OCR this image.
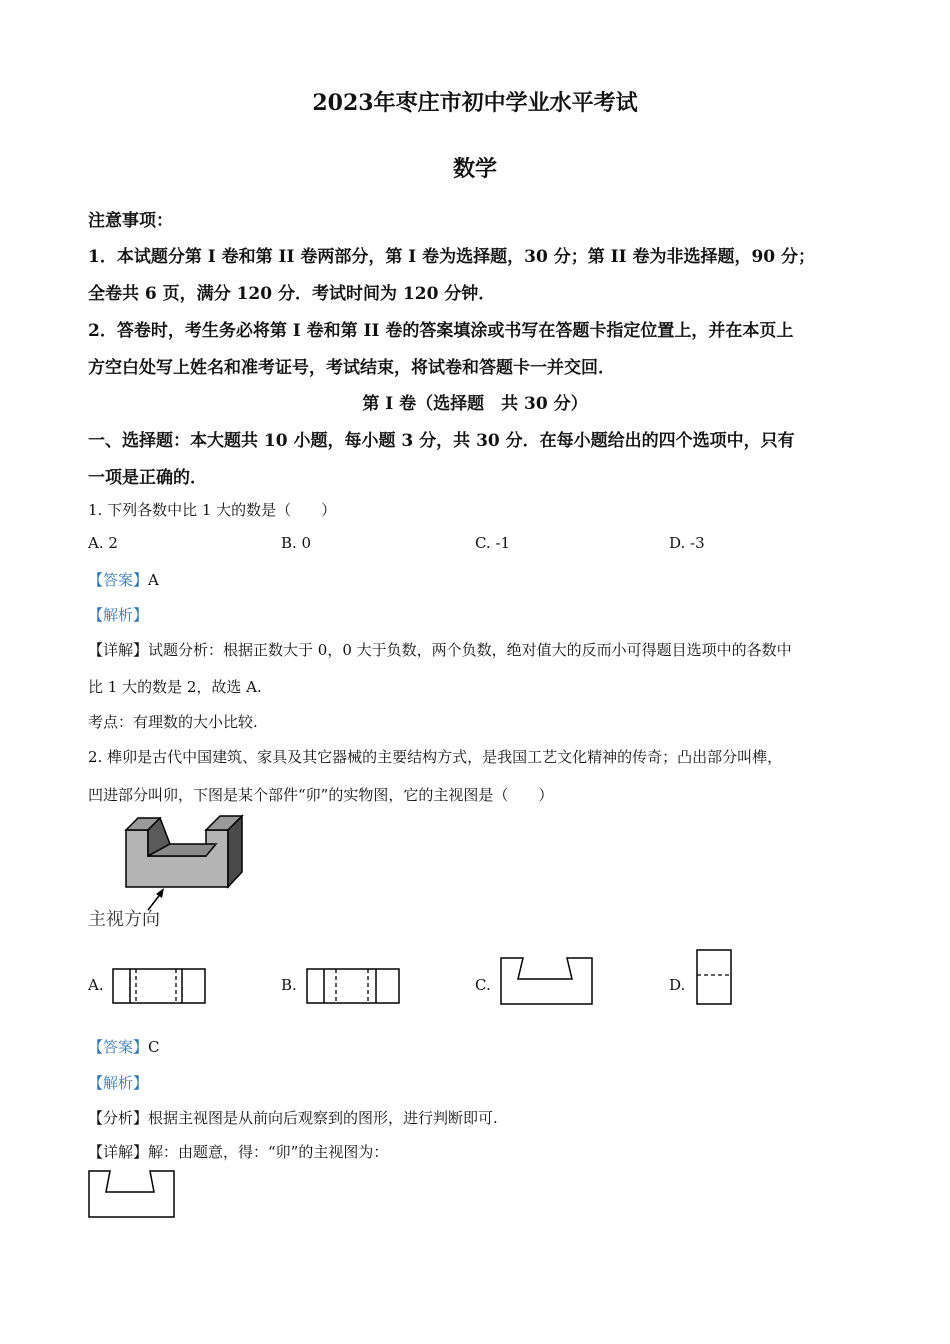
2023年枣庄市初中学业水平考试
数学
注意事项：
1．本试题分第 I 卷和第 II 卷两部分，第 I 卷为选择题，30 分；第 II 卷为非选择题，90 分；
全卷共 6 页，满分 120 分．考试时间为 120 分钟．
2．答卷时，考生务必将第 I 卷和第 II 卷的答案填涂或书写在答题卡指定位置上，并在本页上
方空白处写上姓名和准考证号，考试结束，将试卷和答题卡一并交回．
第 I 卷（选择题　共 30 分）
一、选择题：本大题共 10 小题，每小题 3 分，共 30 分．在每小题给出的四个选项中，只有
一项是正确的．
1. 下列各数中比 1 大的数是（　　）
A. 2	B. 0	C. -1	D. -3
【答案】A
【解析】
【详解】试题分析：根据正数大于 0，0 大于负数，两个负数，绝对值大的反而小可得题目选项中的各数中
比 1 大的数是 2，故选 A.
考点：有理数的大小比较.
2. 榫卯是古代中国建筑、家具及其它器械的主要结构方式，是我国工艺文化精神的传奇；凸出部分叫榫，
凹进部分叫卯，下图是某个部件“卯”的实物图，它的主视图是（　　）
主视方向
A.	B.	C.	D.
【答案】C
【解析】
【分析】根据主视图是从前向后观察到的图形，进行判断即可.
【详解】解：由题意，得：“卯”的主视图为：
